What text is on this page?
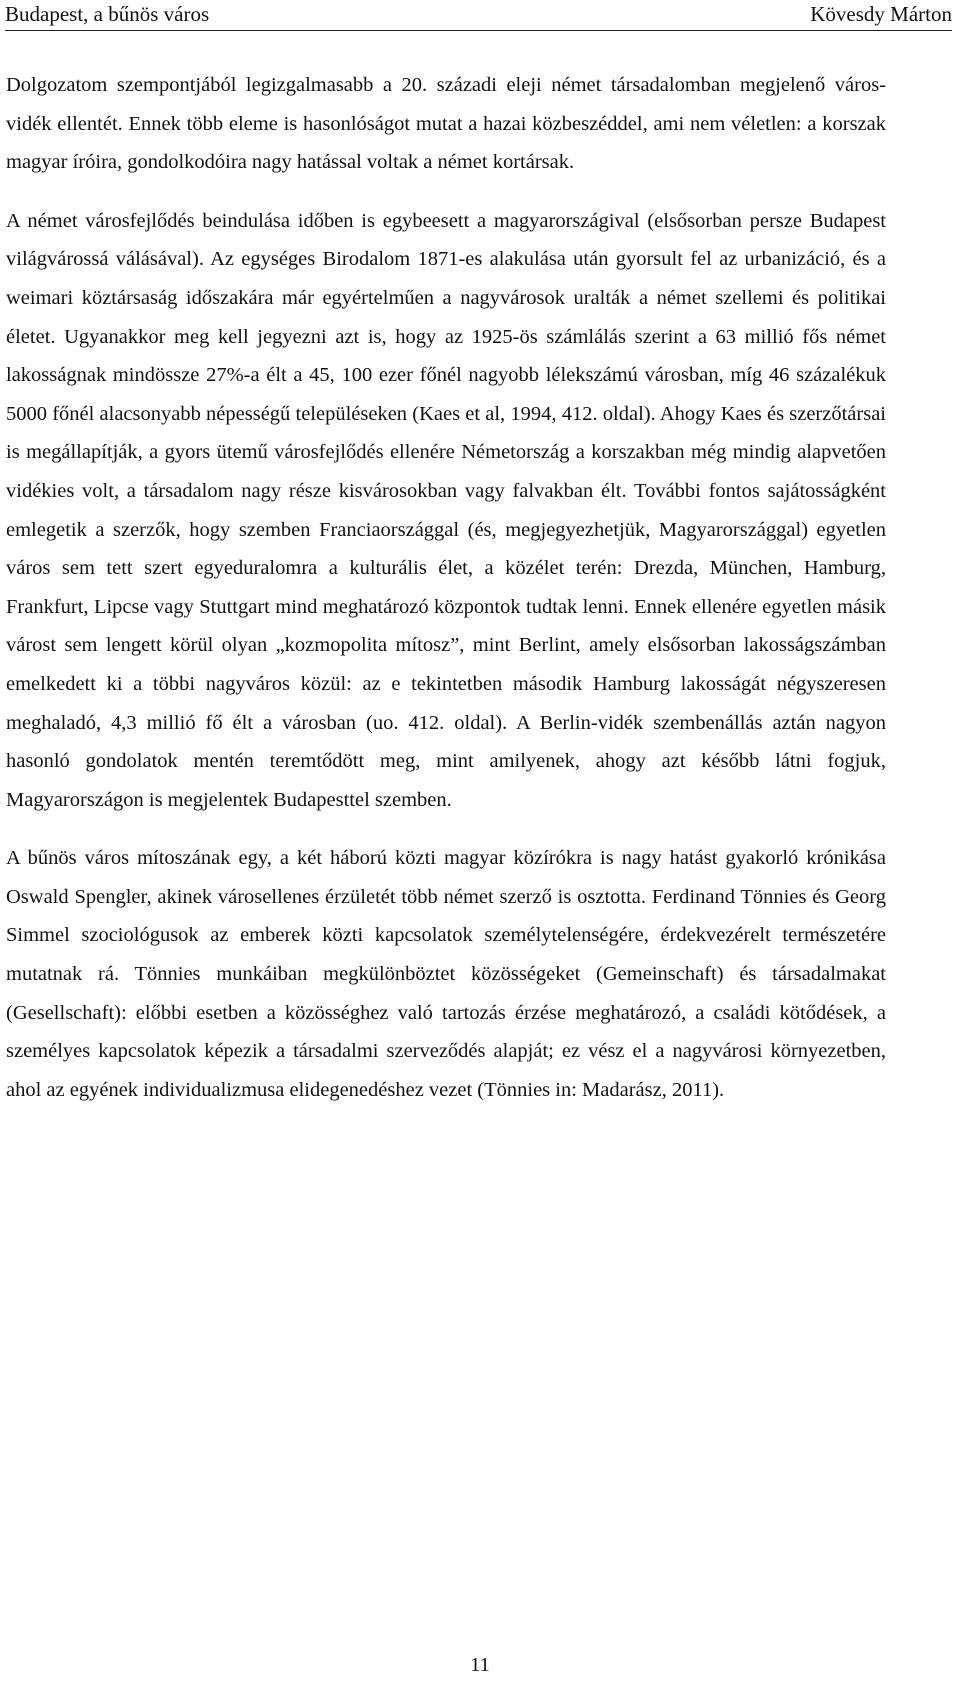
Budapest, a bűnös város	Kövesdy Márton

Dolgozatom szempontjából legizgalmasabb a 20. századi eleji német társadalomban megjelenő város-vidék ellentét. Ennek több eleme is hasonlóságot mutat a hazai közbeszéddel, ami nem véletlen: a korszak magyar íróira, gondolkodóira nagy hatással voltak a német kortársak.

A német városfejlődés beindulása időben is egybeesett a magyarországival (elsősorban persze Budapest világvárossá válásával). Az egységes Birodalom 1871-es alakulása után gyorsult fel az urbanizáció, és a weimari köztársaság időszakára már egyértelműen a nagyvárosok uralták a német szellemi és politikai életet. Ugyanakkor meg kell jegyezni azt is, hogy az 1925-ös számlálás szerint a 63 millió fős német lakosságnak mindössze 27%-a élt a 45, 100 ezer főnél nagyobb lélekszámú városban, míg 46 százalékuk 5000 főnél alacsonyabb népességű településeken (Kaes et al, 1994, 412. oldal). Ahogy Kaes és szerzőtársai is megállapítják, a gyors ütemű városfejlődés ellenére Németország a korszakban még mindig alapvetően vidékies volt, a társadalom nagy része kisvárosokban vagy falvakban élt. További fontos sajátosságként emlegetik a szerzők, hogy szemben Franciaországgal (és, megjegyezhetjük, Magyarországgal) egyetlen város sem tett szert egyeduralomra a kulturális élet, a közélet terén: Drezda, München, Hamburg, Frankfurt, Lipcse vagy Stuttgart mind meghatározó központok tudtak lenni. Ennek ellenére egyetlen másik várost sem lengett körül olyan „kozmopolita mítosz”, mint Berlint, amely elsősorban lakosságszámban emelkedett ki a többi nagyváros közül: az e tekintetben második Hamburg lakosságát négyszeresen meghaladó, 4,3 millió fő élt a városban (uo. 412. oldal). A Berlin-vidék szembenállás aztán nagyon hasonló gondolatok mentén teremtődött meg, mint amilyenek, ahogy azt később látni fogjuk, Magyarországon is megjelentek Budapesttel szemben.

A bűnös város mítoszának egy, a két háború közti magyar közírókra is nagy hatást gyakorló krónikása Oswald Spengler, akinek városellenes érzületét több német szerző is osztotta. Ferdinand Tönnies és Georg Simmel szociológusok az emberek közti kapcsolatok személytelenségére, érdekvezérelt természetére mutatnak rá. Tönnies munkáiban megkülönböztet közösségeket (Gemeinschaft) és társadalmakat (Gesellschaft): előbbi esetben a közösséghez való tartozás érzése meghatározó, a családi kötődések, a személyes kapcsolatok képezik a társadalmi szerveződés alapját; ez vész el a nagyvárosi környezetben, ahol az egyének individualizmusa elidegenedéshez vezet (Tönnies in: Madarász, 2011).

11
